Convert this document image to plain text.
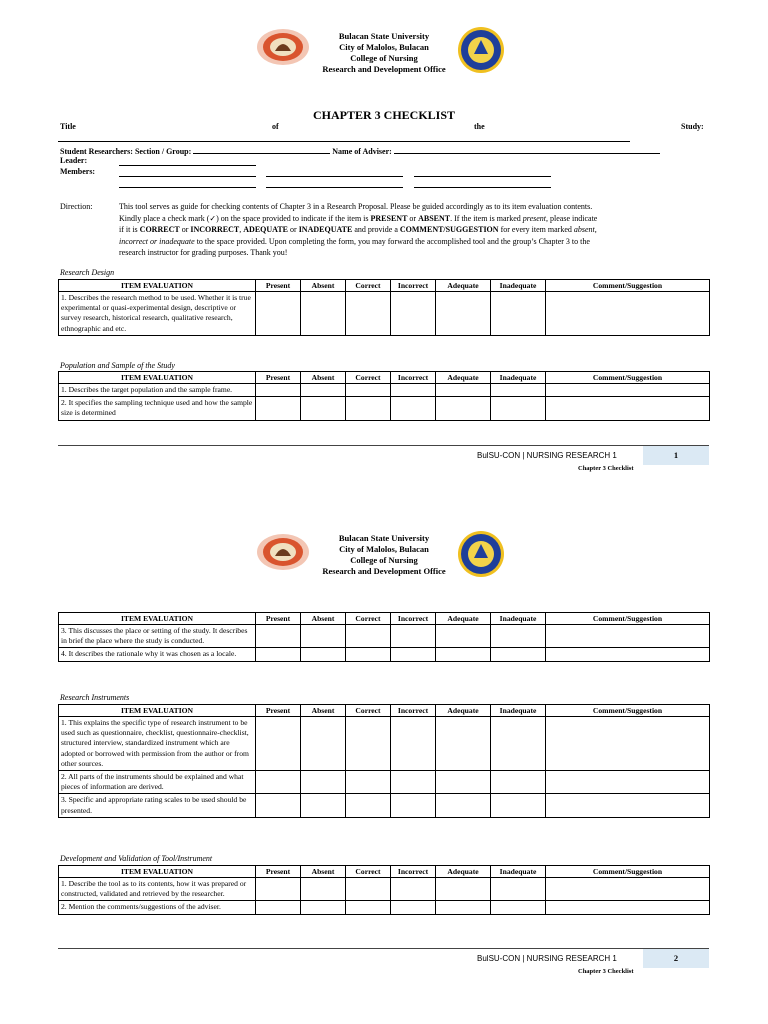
Bulacan State University
City of Malolos, Bulacan
College of Nursing
Research and Development Office
CHAPTER 3 CHECKLIST
Title	of	the	Study:
Student Researchers: Section / Group:	Name of Adviser:
Leader:
Members:
Direction:	This tool serves as guide for checking contents of Chapter 3 in a Research Proposal. Please be guided accordingly as to its item evaluation contents.
Kindly place a check mark (✓) on the space provided to indicate if the item is PRESENT or ABSENT. If the item is marked present, please indicate
if it is CORRECT or INCORRECT, ADEQUATE or INADEQUATE and provide a COMMENT/SUGGESTION for every item marked absent,
incorrect or inadequate to the space provided. Upon completing the form, you may forward the accomplished tool and the group’s Chapter 3 to the
research instructor for grading purposes. Thank you!
Research Design
ITEM EVALUATION	Present	Absent	Correct	Incorrect	Adequate	Inadequate	Comment/Suggestion
1. Describes the research method to be used. Whether it is true experimental or quasi-experimental design, descriptive or survey research, historical research, qualitative research, ethnographic and etc.							
Population and Sample of the Study
ITEM EVALUATION	Present	Absent	Correct	Incorrect	Adequate	Inadequate	Comment/Suggestion
1. Describes the target population and the sample frame.							
2. It specifies the sampling technique used and how the sample size is determined							
BulSU-CON | NURSING RESEARCH 1	1
Chapter 3 Checklist
Bulacan State University
City of Malolos, Bulacan
College of Nursing
Research and Development Office
ITEM EVALUATION	Present	Absent	Correct	Incorrect	Adequate	Inadequate	Comment/Suggestion
3. This discusses the place or setting of the study. It describes in brief the place where the study is conducted.							
4. It describes the rationale why it was chosen as a locale.							
Research Instruments
ITEM EVALUATION	Present	Absent	Correct	Incorrect	Adequate	Inadequate	Comment/Suggestion
1. This explains the specific type of research instrument to be used such as questionnaire, checklist, questionnaire-checklist, structured interview, standardized instrument which are adopted or borrowed with permission from the author or from other sources.							
2. All parts of the instruments should be explained and what pieces of information are derived.							
3. Specific and appropriate rating scales to be used should be presented.							
Development and Validation of Tool/Instrument
ITEM EVALUATION	Present	Absent	Correct	Incorrect	Adequate	Inadequate	Comment/Suggestion
1. Describe the tool as to its contents, how it was prepared or constructed, validated and retrieved by the researcher.							
2. Mention the comments/suggestions of the adviser.							
BulSU-CON | NURSING RESEARCH 1	2
Chapter 3 Checklist
